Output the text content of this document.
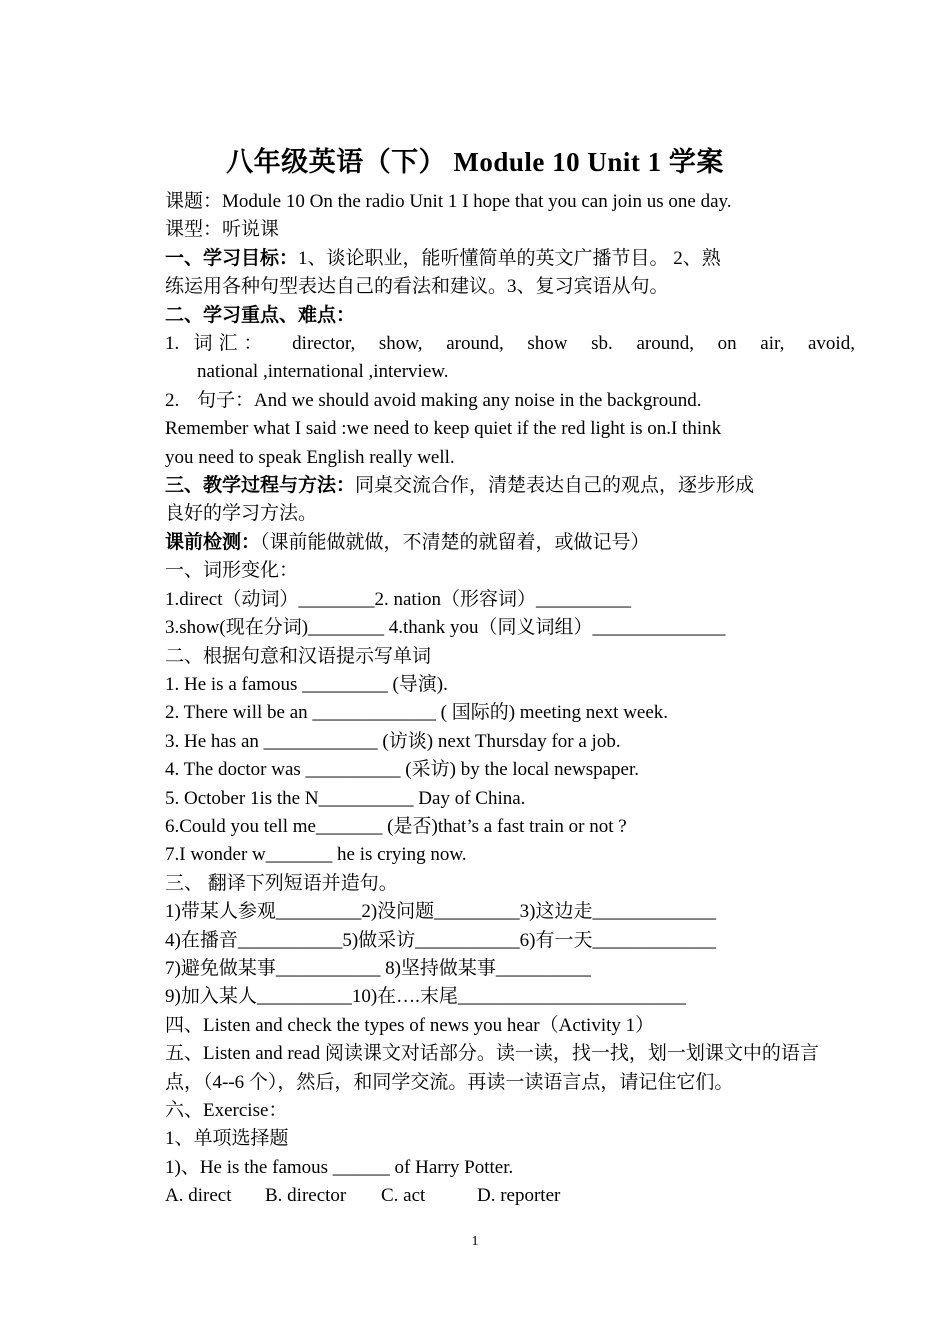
八年级英语（下） Module 10 Unit 1 学案
课题：Module 10 On the radio Unit 1 I hope that you can join us one day.
课型：听说课
一、学习目标：1、谈论职业，能听懂简单的英文广播节目。 2、熟
练运用各种句型表达自己的看法和建议。3、复习宾语从句。
二、学习重点、难点：
1. 词汇： director, show, around, show sb. around, on air, avoid,
national ,international ,interview.
2. 句子：And we should avoid making any noise in the background.
Remember what I said :we need to keep quiet if the red light is on.I think
you need to speak English really well.
三、教学过程与方法：同桌交流合作，清楚表达自己的观点，逐步形成
良好的学习方法。
课前检测：（课前能做就做，不清楚的就留着，或做记号）
一、词形变化：
1.direct（动词）________2. nation（形容词）__________
3.show(现在分词)________ 4.thank you（同义词组）______________
二、根据句意和汉语提示写单词
1. He is a famous _________ (导演).
2. There will be an _____________ ( 国际的) meeting next week.
3. He has an ____________ (访谈) next Thursday for a job.
4. The doctor was __________ (采访) by the local newspaper.
5. October 1is the N__________ Day of China.
6.Could you tell me_______ (是否)that’s a fast train or not ?
7.I wonder w_______ he is crying now.
三、 翻译下列短语并造句。
1)带某人参观_________2)没问题_________3)这边走_____________
4)在播音___________5)做采访___________6)有一天_____________
7)避免做某事___________ 8)坚持做某事__________
9)加入某人__________10)在….末尾________________________
四、Listen and check the types of news you hear（Activity 1）
五、Listen and read 阅读课文对话部分。读一读，找一找，划一划课文中的语言
点，（4--6 个），然后，和同学交流。再读一读语言点，请记住它们。
六、Exercise：
1、单项选择题
1)、He is the famous ______ of Harry Potter.
A. direct B. director C. act	D. reporter
1
